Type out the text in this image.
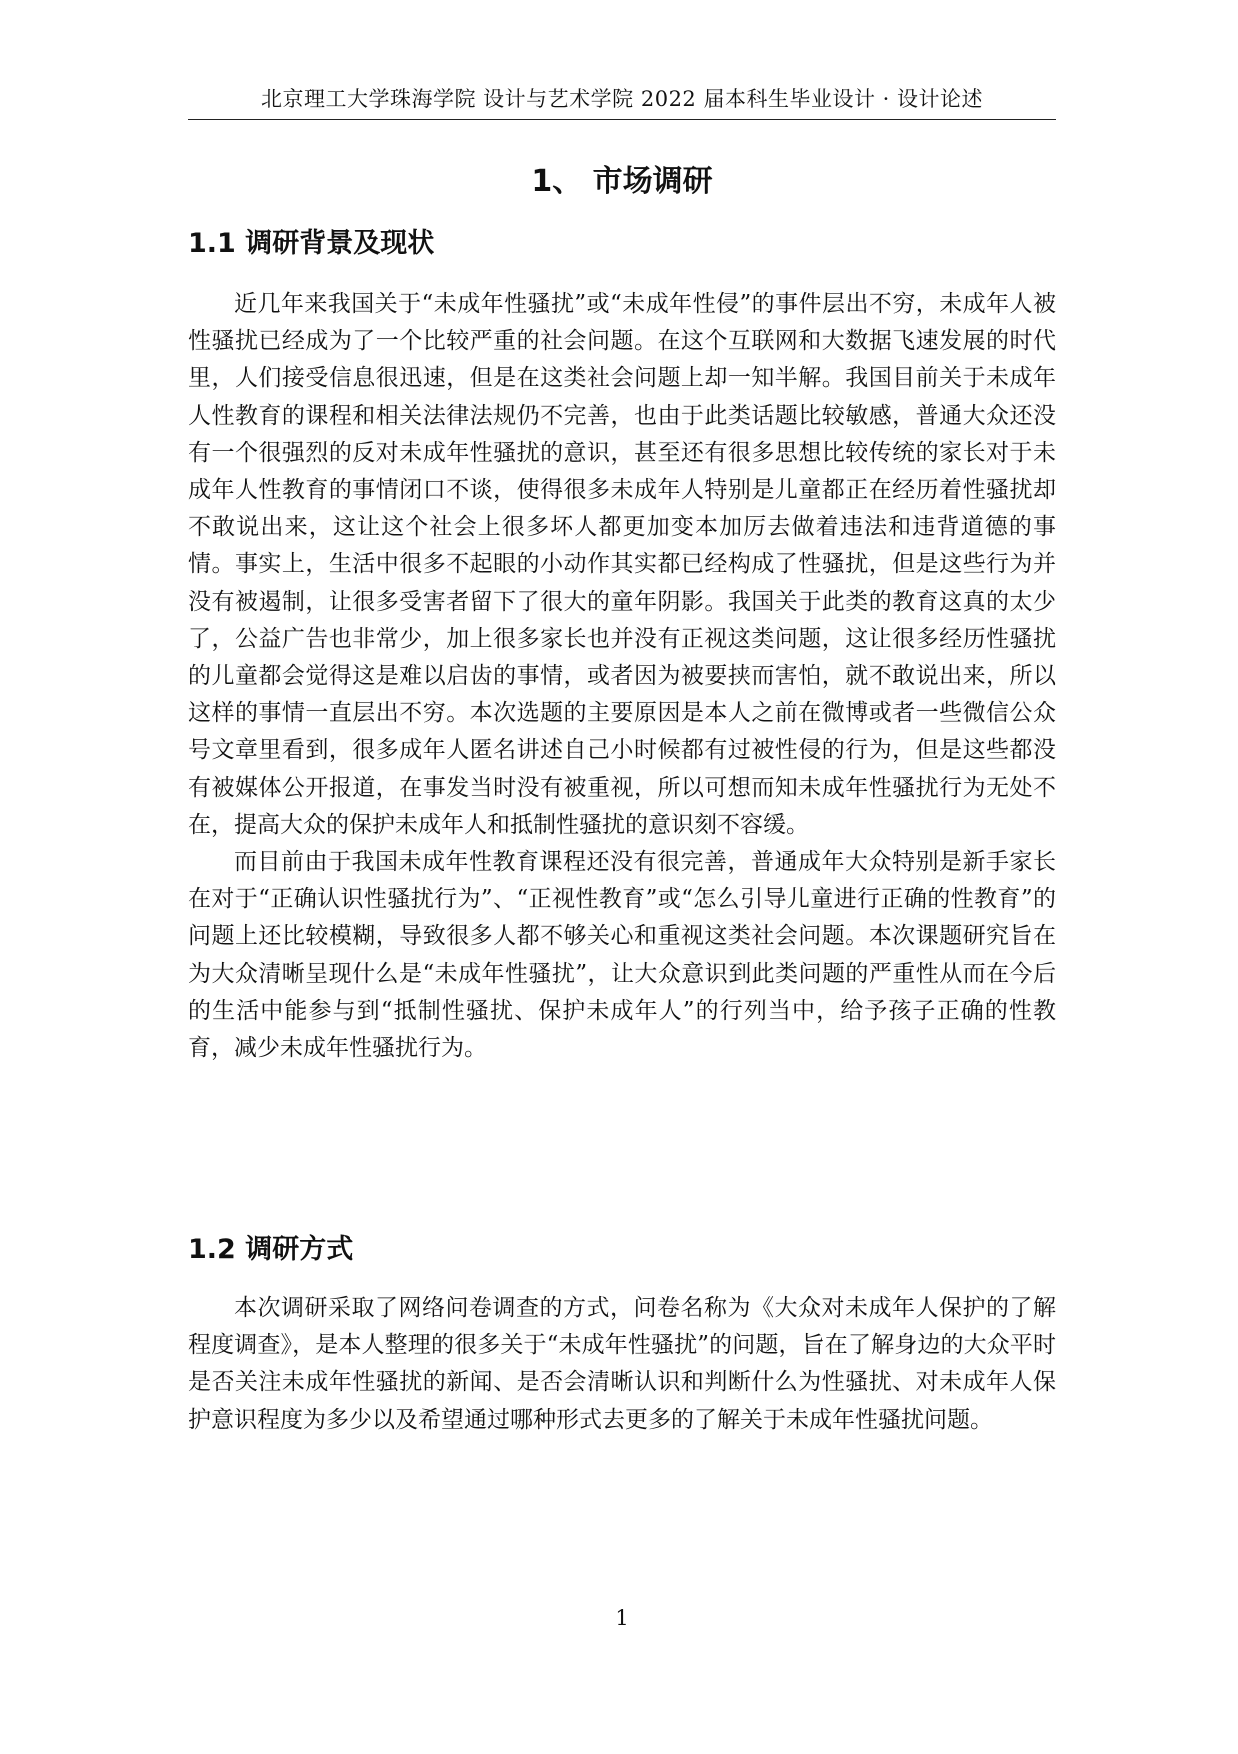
北京理工大学珠海学院 设计与艺术学院 2022 届本科生毕业设计 · 设计论述
1、 市场调研
1.1 调研背景及现状

近几年来我国关于“未成年性骚扰”或“未成年性侵”的事件层出不穷，未成年人被性骚扰已经成为了一个比较严重的社会问题。在这个互联网和大数据飞速发展的时代里，人们接受信息很迅速，但是在这类社会问题上却一知半解。我国目前关于未成年人性教育的课程和相关法律法规仍不完善，也由于此类话题比较敏感，普通大众还没有一个很强烈的反对未成年性骚扰的意识，甚至还有很多思想比较传统的家长对于未成年人性教育的事情闭口不谈，使得很多未成年人特别是儿童都正在经历着性骚扰却不敢说出来，这让这个社会上很多坏人都更加变本加厉去做着违法和违背道德的事情。事实上，生活中很多不起眼的小动作其实都已经构成了性骚扰，但是这些行为并没有被遏制，让很多受害者留下了很大的童年阴影。我国关于此类的教育这真的太少了，公益广告也非常少，加上很多家长也并没有正视这类问题，这让很多经历性骚扰的儿童都会觉得这是难以启齿的事情，或者因为被要挟而害怕，就不敢说出来，所以这样的事情一直层出不穷。本次选题的主要原因是本人之前在微博或者一些微信公众号文章里看到，很多成年人匿名讲述自己小时候都有过被性侵的行为，但是这些都没有被媒体公开报道，在事发当时没有被重视，所以可想而知未成年性骚扰行为无处不在，提高大众的保护未成年人和抵制性骚扰的意识刻不容缓。

而目前由于我国未成年性教育课程还没有很完善，普通成年大众特别是新手家长在对于“正确认识性骚扰行为”、“正视性教育”或“怎么引导儿童进行正确的性教育”的问题上还比较模糊，导致很多人都不够关心和重视这类社会问题。本次课题研究旨在为大众清晰呈现什么是“未成年性骚扰”，让大众意识到此类问题的严重性从而在今后的生活中能参与到“抵制性骚扰、保护未成年人”的行列当中，给予孩子正确的性教育，减少未成年性骚扰行为。

1.2 调研方式

本次调研采取了网络问卷调查的方式，问卷名称为《大众对未成年人保护的了解程度调查》，是本人整理的很多关于“未成年性骚扰”的问题，旨在了解身边的大众平时是否关注未成年性骚扰的新闻、是否会清晰认识和判断什么为性骚扰、对未成年人保护意识程度为多少以及希望通过哪种形式去更多的了解关于未成年性骚扰问题。

1
